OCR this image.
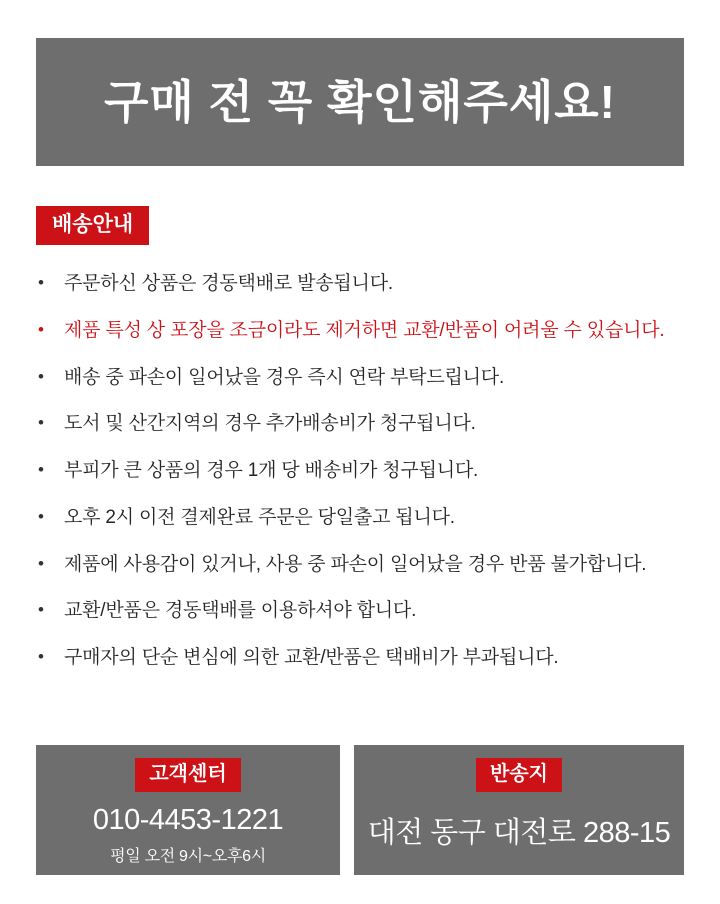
구매 전 꼭 확인해주세요!
배송안내
•	주문하신 상품은 경동택배로 발송됩니다.
•	제품 특성 상 포장을 조금이라도 제거하면 교환/반품이 어려울 수 있습니다.
•	배송 중 파손이 일어났을 경우 즉시 연락 부탁드립니다.
•	도서 및 산간지역의 경우 추가배송비가 청구됩니다.
•	부피가 큰 상품의 경우 1개 당 배송비가 청구됩니다.
•	오후 2시 이전 결제완료 주문은 당일출고 됩니다.
•	제품에 사용감이 있거나, 사용 중 파손이 일어났을 경우 반품 불가합니다.
•	교환/반품은 경동택배를 이용하셔야 합니다.
•	구매자의 단순 변심에 의한 교환/반품은 택배비가 부과됩니다.
고객센터
010-4453-1221
평일 오전 9시~오후6시
반송지
대전 동구 대전로 288-15
